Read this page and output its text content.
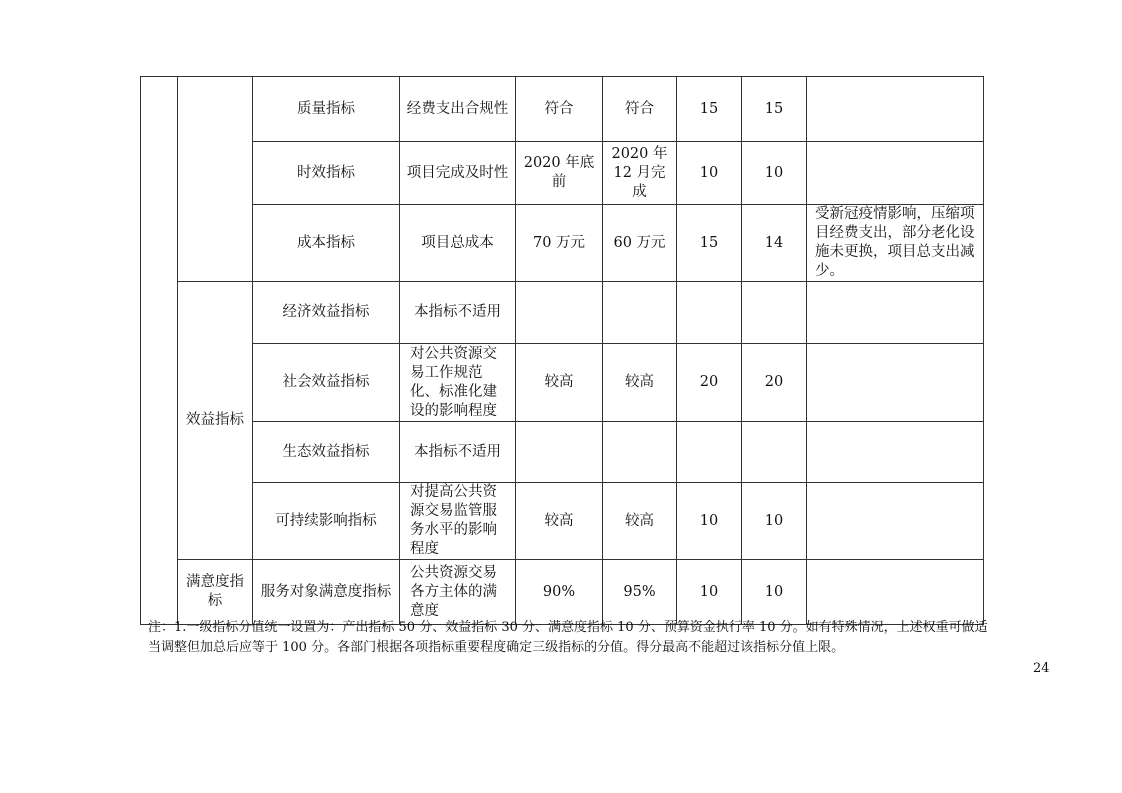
		质量指标	经费支出合规性	符合	符合	15	15	
		时效指标	项目完成及时性	2020 年底前	2020 年 12 月完成	10	10	
		成本指标	项目总成本	70 万元	60 万元	15	14	受新冠疫情影响，压缩项目经费支出，部分老化设施未更换，项目总支出减少。
	效益指标	经济效益指标	本指标不适用					
		社会效益指标	对公共资源交易工作规范化、标准化建设的影响程度	较高	较高	20	20	
		生态效益指标	本指标不适用					
		可持续影响指标	对提高公共资源交易监管服务水平的影响程度	较高	较高	10	10	
	满意度指标	服务对象满意度指标	公共资源交易各方主体的满意度	90%	95%	10	10	
注：1.一级指标分值统一设置为：产出指标 50 分、效益指标 30 分、满意度指标 10 分、预算资金执行率 10 分。如有特殊情况，上述权重可做适当调整但加总后应等于 100 分。各部门根据各项指标重要程度确定三级指标的分值。得分最高不能超过该指标分值上限。
24
